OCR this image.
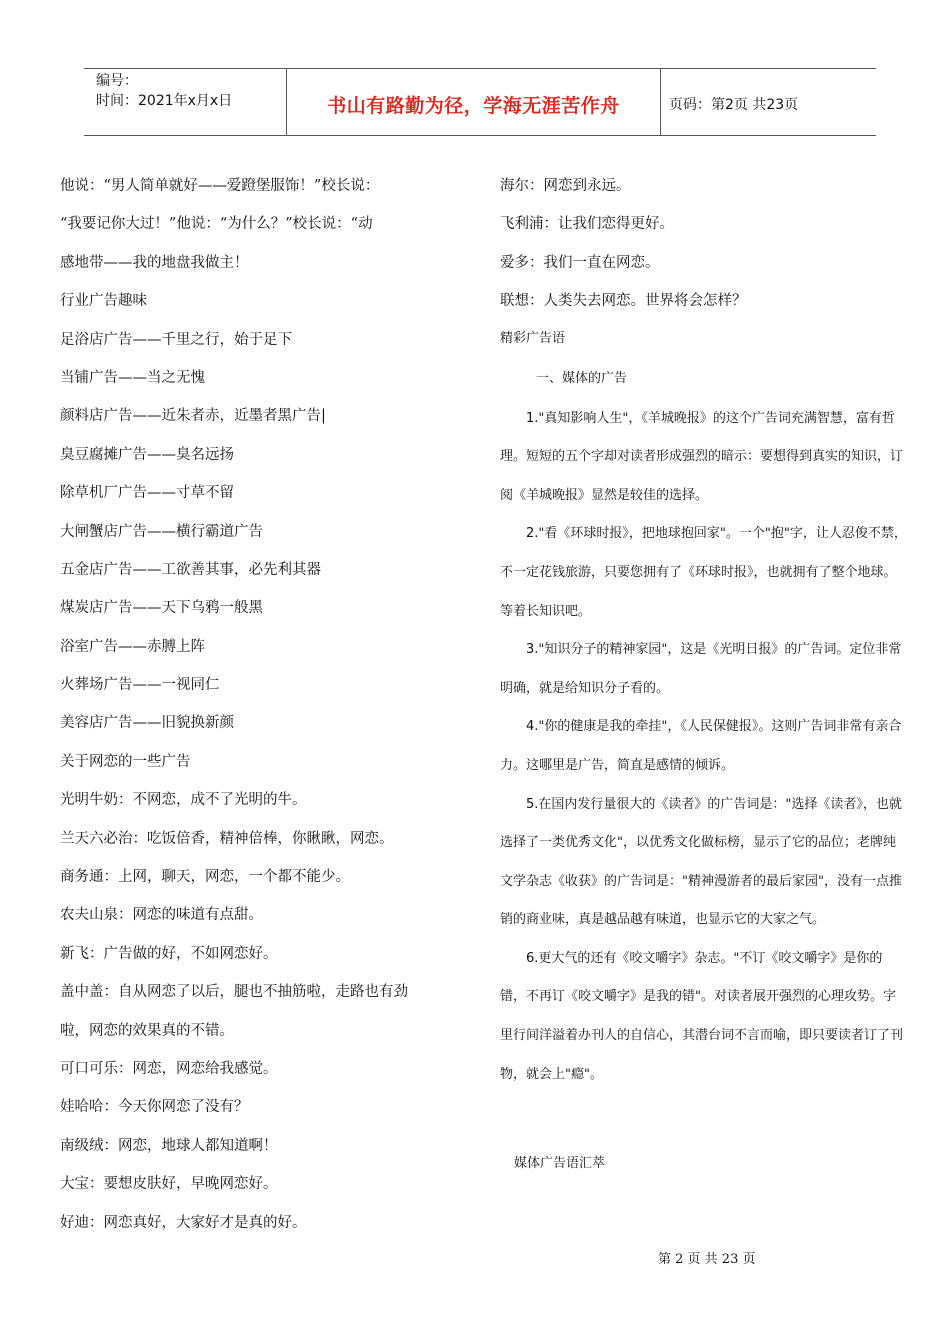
编号：
时间：2021年x月x日	书山有路勤为径，学海无涯苦作舟	页码：第2页 共23页
他说：“男人简单就好——爱蹬堡服饰！”校长说：
“我要记你大过！”他说：“为什么？”校长说：“动
感地带——我的地盘我做主！
行业广告趣味
足浴店广告——千里之行，始于足下
当铺广告——当之无愧
颜料店广告——近朱者赤，近墨者黑广告|
臭豆腐摊广告——臭名远扬
除草机厂广告——寸草不留
大闸蟹店广告——横行霸道广告
五金店广告——工欲善其事，必先利其器
煤炭店广告——天下乌鸦一般黑
浴室广告——赤膊上阵
火葬场广告——一视同仁
美容店广告——旧貌换新颜
关于网恋的一些广告
光明牛奶：不网恋，成不了光明的牛。
兰天六必治：吃饭倍香，精神倍棒，你瞅瞅，网恋。
商务通：上网，聊天，网恋，一个都不能少。
农夫山泉：网恋的味道有点甜。
新飞：广告做的好，不如网恋好。
盖中盖：自从网恋了以后，腿也不抽筋啦，走路也有劲
啦，网恋的效果真的不错。
可口可乐：网恋，网恋给我感觉。
娃哈哈：今天你网恋了没有？
南级绒：网恋，地球人都知道啊！
大宝：要想皮肤好，早晚网恋好。
好迪：网恋真好，大家好才是真的好。
海尔：网恋到永远。
飞利浦：让我们恋得更好。
爱多：我们一直在网恋。
联想：人类失去网恋。世界将会怎样？
精彩广告语
一、媒体的广告

1."真知影响人生"，《羊城晚报》的这个广告词充满智慧，富有哲理。短短的五个字却对读者形成强烈的暗示：要想得到真实的知识，订阅《羊城晚报》显然是较佳的选择。

2."看《环球时报》，把地球抱回家"。一个"抱"字，让人忍俊不禁，不一定花钱旅游，只要您拥有了《环球时报》，也就拥有了整个地球。等着长知识吧。

3."知识分子的精神家园"，这是《光明日报》的广告词。定位非常明确，就是给知识分子看的。

4."你的健康是我的牵挂"，《人民保健报》。这则广告词非常有亲合力。这哪里是广告，简直是感情的倾诉。

5.在国内发行量很大的《读者》的广告词是："选择《读者》，也就选择了一类优秀文化"，以优秀文化做标榜，显示了它的品位；老牌纯文学杂志《收获》的广告词是："精神漫游者的最后家园"，没有一点推销的商业味，真是越品越有味道，也显示它的大家之气。

6.更大气的还有《咬文嚼字》杂志。"不订《咬文嚼字》是你的错，不再订《咬文嚼字》是我的错"。对读者展开强烈的心理攻势。字里行间洋溢着办刊人的自信心，其潜台词不言而喻，即只要读者订了刊物，就会上"瘾"。

媒体广告语汇萃
第 2 页 共 23 页
